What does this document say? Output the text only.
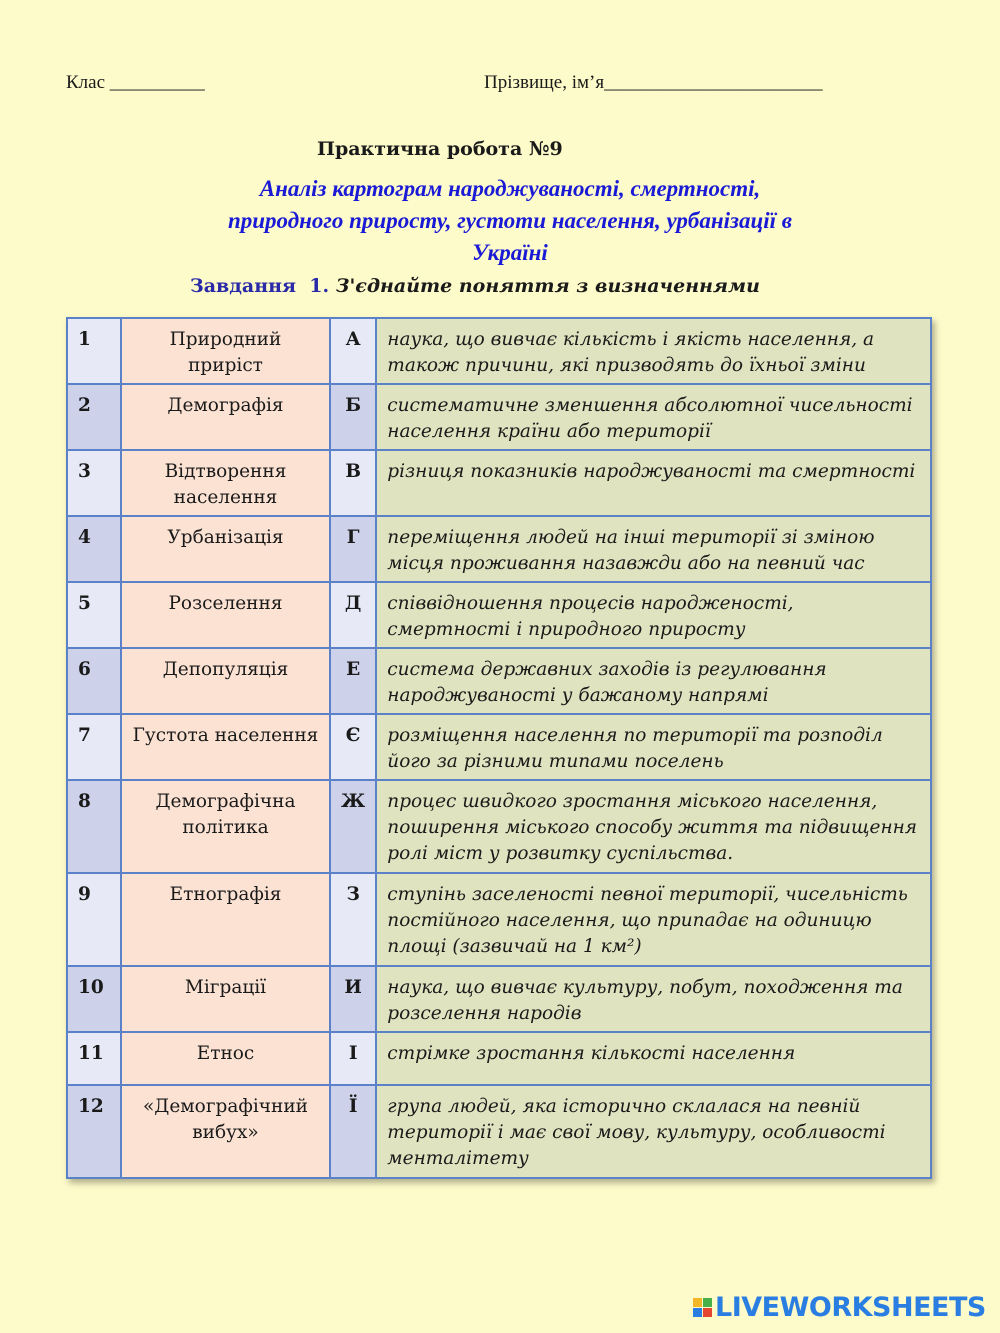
Клас __________	Прізвище, ім’я_______________________
Практична робота №9
Аналіз картограм народжуваності, смертності,
природного приросту, густоти населення, урбанізації в
Україні
Завдання 1. З'єднайте поняття з визначеннями
1	Природний приріст	А	наука, що вивчає кількість і якість населення, а також причини, які призводять до їхньої зміни
2	Демографія	Б	систематичне зменшення абсолютної чисельності населення країни або території
3	Відтворення населення	В	різниця показників народжуваності та смертності
4	Урбанізація	Г	переміщення людей на інші території зі зміною місця проживання назавжди або на певний час
5	Розселення	Д	співвідношення процесів народженості, смертності і природного приросту
6	Депопуляція	Е	система державних заходів із регулювання народжуваності у бажаному напрямі
7	Густота населення	Є	розміщення населення по території та розподіл його за різними типами поселень
8	Демографічна політика	Ж	процес швидкого зростання міського населення, поширення міського способу життя та підвищення ролі міст у розвитку суспільства.
9	Етнографія	З	ступінь заселеності певної території, чисельність постійного населення, що припадає на одиницю площі (зазвичай на 1 км²)
10	Міграції	И	наука, що вивчає культуру, побут, походження та розселення народів
11	Етнос	І	стрімке зростання кількості населення
12	«Демографічний вибух»	Ї	група людей, яка історично склалася на певній території і має свої мову, культуру, особливості менталітету
LIVEWORKSHEETS
